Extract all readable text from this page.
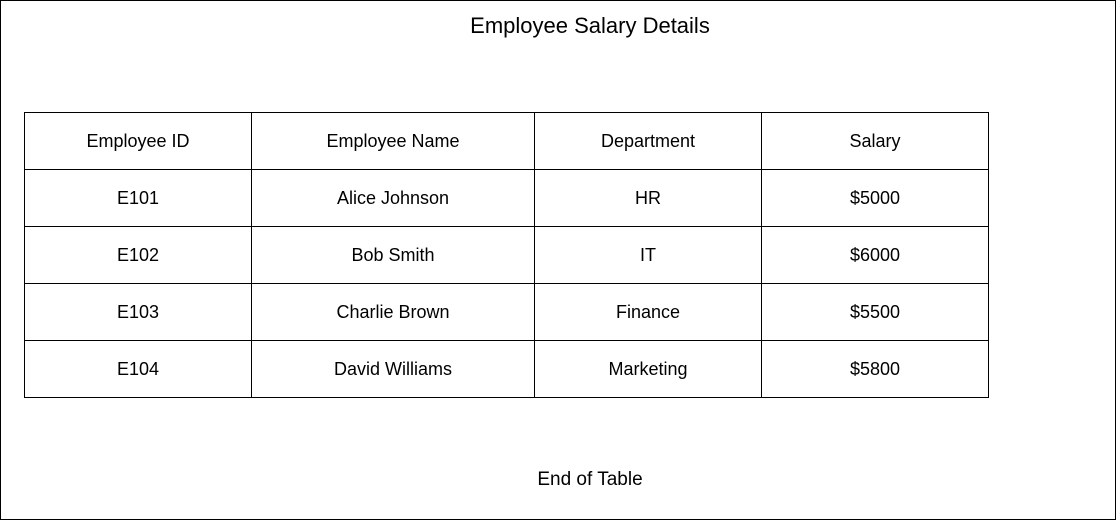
Employee Salary Details
Employee ID	Employee Name	Department	Salary
E101	Alice Johnson	HR	$5000
E102	Bob Smith	IT	$6000
E103	Charlie Brown	Finance	$5500
E104	David Williams	Marketing	$5800
End of Table
